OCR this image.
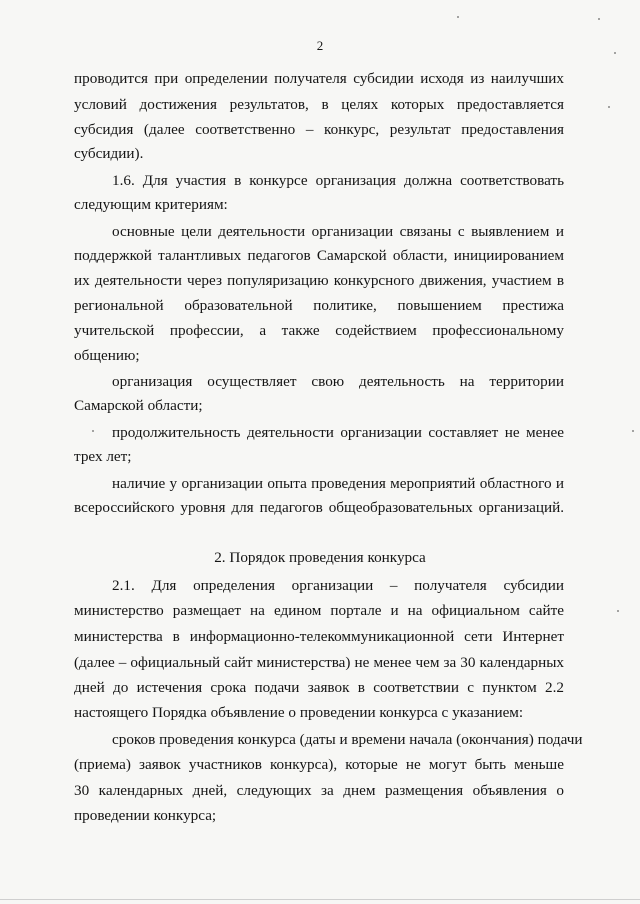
2
проводится при определении получателя субсидии исходя из наилучших
условий достижения результатов, в целях которых предоставляется
субсидия (далее соответственно – конкурс, результат предоставления
субсидии).
1.6. Для участия в конкурсе организация должна соответствовать
следующим критериям:
основные цели деятельности организации связаны с выявлением и
поддержкой талантливых педагогов Самарской области, инициированием
их деятельности через популяризацию конкурсного движения, участием в
региональной образовательной политике, повышением престижа
учительской профессии, а также содействием профессиональному
общению;
организация осуществляет свою деятельность на территории
Самарской области;
продолжительность деятельности организации составляет не менее
трех лет;
наличие у организации опыта проведения мероприятий областного и
всероссийского уровня для педагогов общеобразовательных организаций.
2. Порядок проведения конкурса
2.1. Для определения организации – получателя субсидии
министерство размещает на едином портале и на официальном сайте
министерства в информационно-телекоммуникационной сети Интернет
(далее – официальный сайт министерства) не менее чем за 30 календарных
дней до истечения срока подачи заявок в соответствии с пунктом 2.2
настоящего Порядка объявление о проведении конкурса с указанием:
сроков проведения конкурса (даты и времени начала (окончания) подачи
(приема) заявок участников конкурса), которые не могут быть меньше
30 календарных дней, следующих за днем размещения объявления о
проведении конкурса;
